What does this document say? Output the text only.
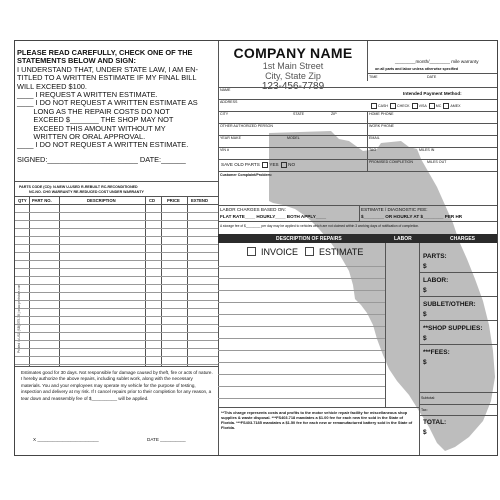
PLEASE READ CAREFULLY, CHECK ONE OF THE
STATEMENTS BELOW AND SIGN:
I UNDERSTAND THAT, UNDER STATE LAW, I AM EN-
TITLED TO A WRITTEN ESTIMATE IF MY FINAL BILL
WILL EXCEED $100.
____ I REQUEST A WRITTEN ESTIMATE.
____ I DO NOT REQUEST A WRITTEN ESTIMATE AS
LONG AS THE REPAIR COSTS DO NOT
EXCEED $_______ THE SHOP MAY NOT
EXCEED THIS AMOUNT WITHOUT MY
WRITTEN OR ORAL APPROVAL.
____ I DO NOT REQUEST A WRITTEN ESTIMATE.
SIGNED:______________________ DATE:______
COMPANY NAME
1st Main Street
City, State Zip
123-456-7789
________month/________ mile warranty
on all parts and labor unless otherwise specified
TIME	DATE
NAME
Intended Payment Method:
ADDRESS
CASH	CHECK	VISA	MC	AMEX
CITY	STATE	ZIP	HOME PHONE
OTHER AUTHORIZED PERSON	WORK PHONE
YEAR MAKE	MODEL	EMAIL
VIN #	TAG	MILES IN
SAVE OLD PARTS YES NO
PROMISED COMPLETION	MILES OUT
Customer Complaint/Problem:
LABOR CHARGES BASED ON:
FLAT RATE____ HOURLY____ BOTH APPLY____
ESTIMATE / DIAGNOSTIC FEE:
$________ OR HOURLY AT $________ PER HR
A storage fee of $________ per day may be applied to vehicles which are not claimed within 3 working days of notification of completion.
DESCRIPTION OF REPAIRS	LABOR	CHARGES
INVOICE	ESTIMATE	PARTS:
$
LABOR:
$
SUBLET/OTHER:
$
**SHOP SUPPLIES:
$
***FEES:
$
Subtotal:
Tax:
TOTAL:
$
**This charge represents costs and profits to the motor vehicle repair facility for miscellaneous shop supplies & waste disposal. ***FS403.718 mandates a $1.00 fee for each new tire sold in the State of Florida. ***FS403.7185 mandates a $1.50 fee for each new or remanufactured battery sold in the State of Florida.
PARTS CODE (CD): N-NEW U-USED R-REBUILT RC-RECONDITIONED
NC-NO. CHG WARRANTY RE-REDUCED COST UNDER WARRANTY
QTY PART NO.	DESCRIPTION	CD	PRICE	EXTEND
Printed in USA (SB) 375-38 | www.printstore.com
Estimates good for 30 days. Not responsible for damage caused by theft, fire or acts of nature. I hereby authorize the above repairs, including sublet work, along with the necessary materials. You and your employees may operate my vehicle for the purpose of testing, inspection and delivery at my risk. If I cancel repairs prior to their completion for any reason, a tear down and reassembly fee of $__________ will be applied.
X ________________________	DATE __________
